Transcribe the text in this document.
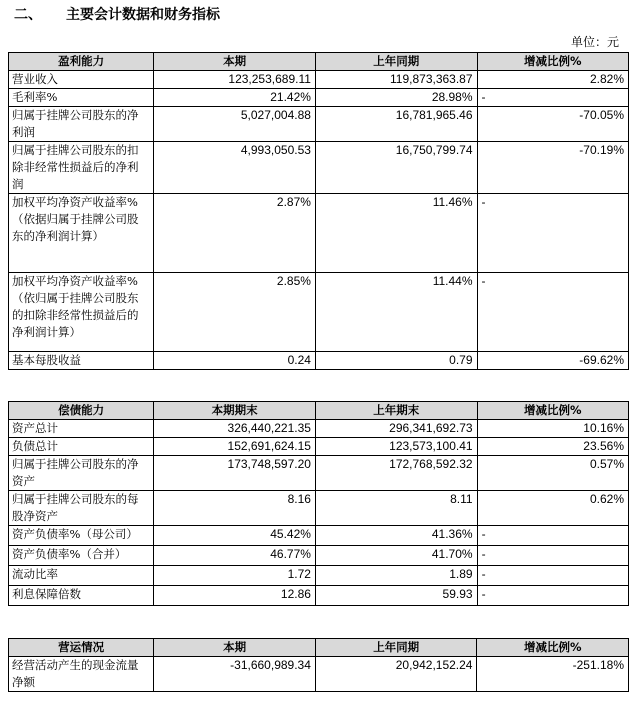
二、 主要会计数据和财务指标
单位：元
盈利能力	本期	上年同期	增减比例%
营业收入	123,253,689.11	119,873,363.87	2.82%
毛利率%	21.42%	28.98%	-
归属于挂牌公司股东的净利润	5,027,004.88	16,781,965.46	-70.05%
归属于挂牌公司股东的扣除非经常性损益后的净利润	4,993,050.53	16,750,799.74	-70.19%
加权平均净资产收益率%（依据归属于挂牌公司股东的净利润计算）	2.87%	11.46%	-
加权平均净资产收益率%（依归属于挂牌公司股东的扣除非经常性损益后的净利润计算）	2.85%	11.44%	-
基本每股收益	0.24	0.79	-69.62%
偿债能力	本期期末	上年期末	增减比例%
资产总计	326,440,221.35	296,341,692.73	10.16%
负债总计	152,691,624.15	123,573,100.41	23.56%
归属于挂牌公司股东的净资产	173,748,597.20	172,768,592.32	0.57%
归属于挂牌公司股东的每股净资产	8.16	8.11	0.62%
资产负债率%（母公司）	45.42%	41.36%	-
资产负债率%（合并）	46.77%	41.70%	-
流动比率	1.72	1.89	-
利息保障倍数	12.86	59.93	-
营运情况	本期	上年同期	增减比例%
经营活动产生的现金流量净额	-31,660,989.34	20,942,152.24	-251.18%
